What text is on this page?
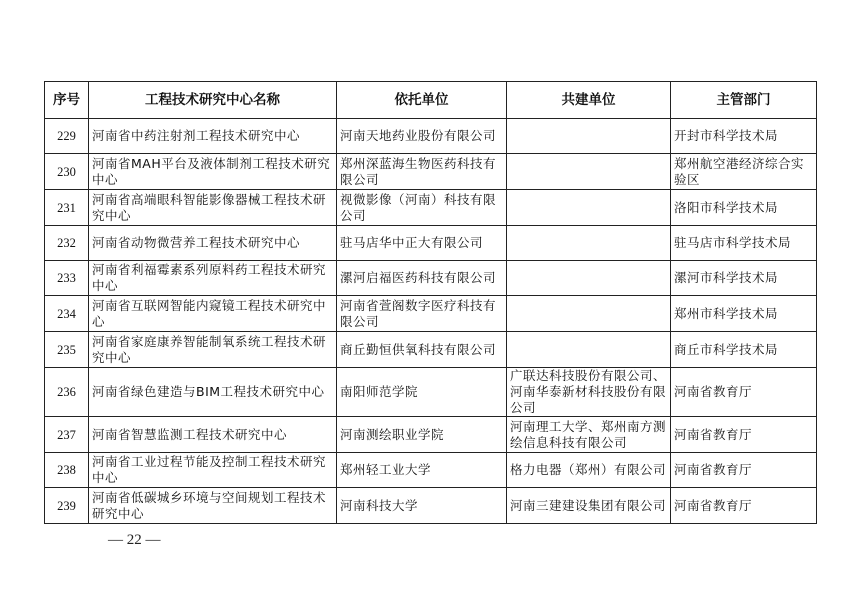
序号	工程技术研究中心名称	依托单位	共建单位	主管部门
229	河南省中药注射剂工程技术研究中心	河南天地药业股份有限公司		开封市科学技术局
230	河南省MAH平台及液体制剂工程技术研究中心	郑州深蓝海生物医药科技有限公司		郑州航空港经济综合实验区
231	河南省高端眼科智能影像器械工程技术研究中心	视微影像（河南）科技有限公司		洛阳市科学技术局
232	河南省动物微营养工程技术研究中心	驻马店华中正大有限公司		驻马店市科学技术局
233	河南省利福霉素系列原料药工程技术研究中心	漯河启福医药科技有限公司		漯河市科学技术局
234	河南省互联网智能内窥镜工程技术研究中心	河南省萱阁数字医疗科技有限公司		郑州市科学技术局
235	河南省家庭康养智能制氧系统工程技术研究中心	商丘勤恒供氧科技有限公司		商丘市科学技术局
236	河南省绿色建造与BIM工程技术研究中心	南阳师范学院	广联达科技股份有限公司、河南华泰新材科技股份有限公司	河南省教育厅
237	河南省智慧监测工程技术研究中心	河南测绘职业学院	河南理工大学、郑州南方测绘信息科技有限公司	河南省教育厅
238	河南省工业过程节能及控制工程技术研究中心	郑州轻工业大学	格力电器（郑州）有限公司	河南省教育厅
239	河南省低碳城乡环境与空间规划工程技术研究中心	河南科技大学	河南三建建设集团有限公司	河南省教育厅
— 22 —
